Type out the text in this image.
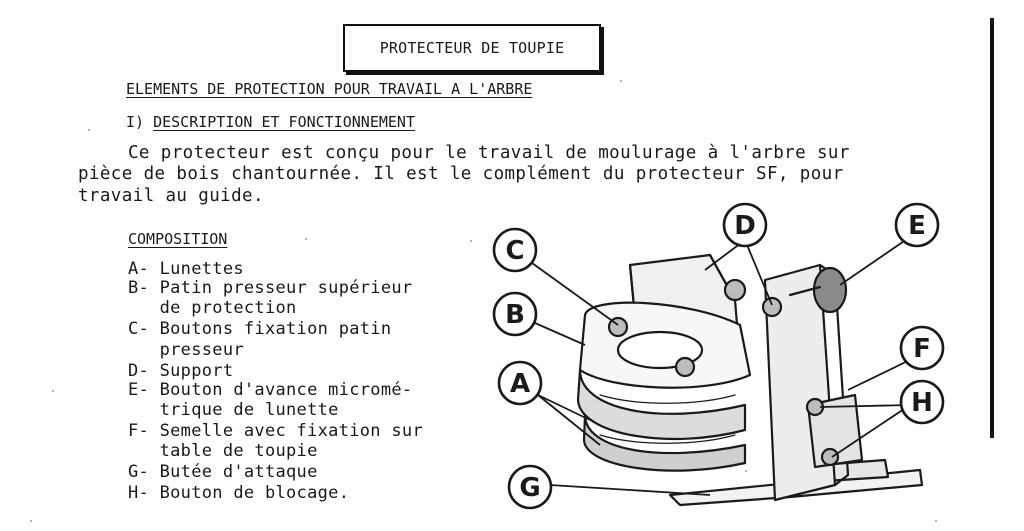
PROTECTEUR DE TOUPIE
ELEMENTS DE PROTECTION POUR TRAVAIL A L'ARBRE
I) DESCRIPTION ET FONCTIONNEMENT
Ce protecteur est conçu pour le travail de moulurage à l'arbre sur
pièce de bois chantournée. Il est le complément du protecteur SF, pour
travail au guide.
COMPOSITION
A- Lunettes
B- Patin presseur supérieur
de protection
C- Boutons fixation patin
presseur
D- Support
E- Bouton d'avance micromé-
trique de lunette
F- Semelle avec fixation sur
table de toupie
G- Butée d'attaque
H- Bouton de blocage.
C
B
A
D	E
F
H
G
